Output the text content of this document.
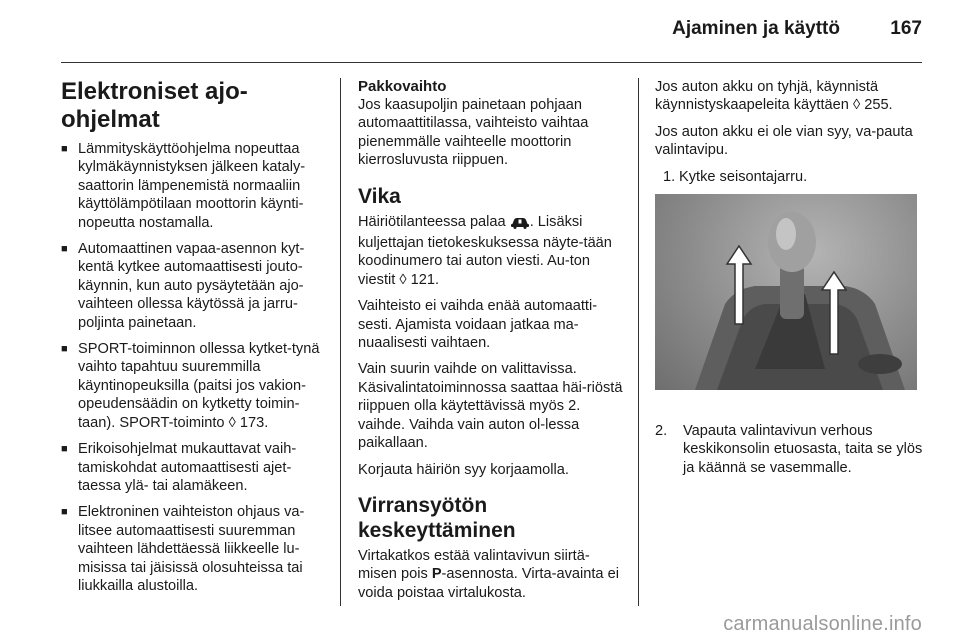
Ajaminen ja käyttö	167
Elektroniset ajo-ohjelmat
■ Lämmityskäyttöohjelma nopeuttaa kylmäkäynnistyksen jälkeen kataly-saattorin lämpenemistä normaaliin käyttölämpötilaan moottorin käynti-nopeutta nostamalla.
■ Automaattinen vapaa-asennon kyt-kentä kytkee automaattisesti jouto-käynnin, kun auto pysäytetään ajo-vaihteen ollessa käytössä ja jarru-poljinta painetaan.
■ SPORT-toiminnon ollessa kytket-tynä vaihto tapahtuu suuremmilla käyntinopeuksilla (paitsi jos vakion-opeudensäädin on kytketty toimin-taan). SPORT-toiminto ◊ 173.
■ Erikoisohjelmat mukauttavat vaih-tamiskohdat automaattisesti ajet-taessa ylä- tai alamäkeen.
■ Elektroninen vaihteiston ohjaus va-litsee automaattisesti suuremman vaihteen lähdettäessä liikkeelle lu-misissa tai jäisissä olosuhteissa tai liukkailla alustoilla.
Pakkovaihto

Jos kaasupoljin painetaan pohjaan automaattitilassa, vaihteisto vaihtaa pienemmälle vaihteelle moottorin kierrosluvusta riippuen.

Vika

Häiriötilanteessa palaa . Lisäksi kuljettajan tietokeskuksessa näyte-tään koodinumero tai auton viesti. Au-ton viestit ◊ 121.

Vaihteisto ei vaihda enää automaatti-sesti. Ajamista voidaan jatkaa ma-nuaalisesti vaihtaen.

Vain suurin vaihde on valittavissa. Käsivalintatoiminnossa saattaa häi-riöstä riippuen olla käytettävissä myös 2. vaihde. Vaihda vain auton ol-lessa paikallaan.

Korjauta häiriön syy korjaamolla.

Virransyötön keskeyttäminen

Virtakatkos estää valintavivun siirtä-misen pois P-asennosta. Virta-avainta ei voida poistaa virtalukosta.

Jos auton akku on tyhjä, käynnistä käynnistyskaapeleita käyttäen ◊ 255.

Jos auton akku ei ole vian syy, va-pauta valintavipu.

1. Kytke seisontajarru.
2. Vapauta valintavivun verhous keskikonsolin etuosasta, taita se ylös ja käännä se vasemmalle.
carmanualsonline.info
